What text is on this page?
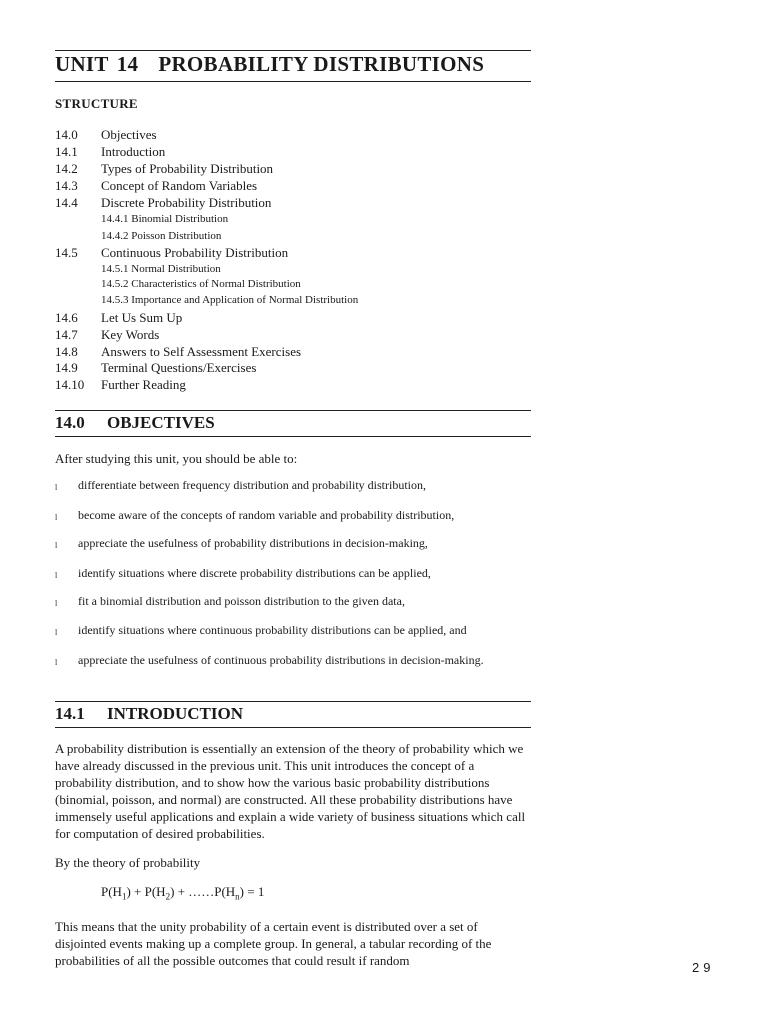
UNIT 14 PROBABILITY DISTRIBUTIONS
STRUCTURE
14.0 Objectives
14.1 Introduction
14.2 Types of Probability Distribution
14.3 Concept of Random Variables
14.4 Discrete Probability Distribution
14.4.1 Binomial Distribution
14.4.2 Poisson Distribution
14.5 Continuous Probability Distribution
14.5.1 Normal Distribution
14.5.2 Characteristics of Normal Distribution
14.5.3 Importance and Application of Normal Distribution
14.6 Let Us Sum Up
14.7 Key Words
14.8 Answers to Self Assessment Exercises
14.9 Terminal Questions/Exercises
14.10 Further Reading
14.0 OBJECTIVES
After studying this unit, you should be able to:
l differentiate between frequency distribution and probability distribution,
l become aware of the concepts of random variable and probability distribution,
l appreciate the usefulness of probability distributions in decision-making,
l identify situations where discrete probability distributions can be applied,
l fit a binomial distribution and poisson distribution to the given data,
l identify situations where continuous probability distributions can be applied, and
l appreciate the usefulness of continuous probability distributions in decision-making.
14.1 INTRODUCTION
A probability distribution is essentially an extension of the theory of probability which we have already discussed in the previous unit. This unit introduces the concept of a probability distribution, and to show how the various basic probability distributions (binomial, poisson, and normal) are constructed. All these probability distributions have immensely useful applications and explain a wide variety of business situations which call for computation of desired probabilities.
By the theory of probability
$P(H_1) + P(H_2)$ + $\dots\dots P(H_n) = 1$
This means that the unity probability of a certain event is distributed over a set of disjointed events making up a complete group. In general, a tabular recording of the probabilities of all the possible outcomes that could result if random	29
